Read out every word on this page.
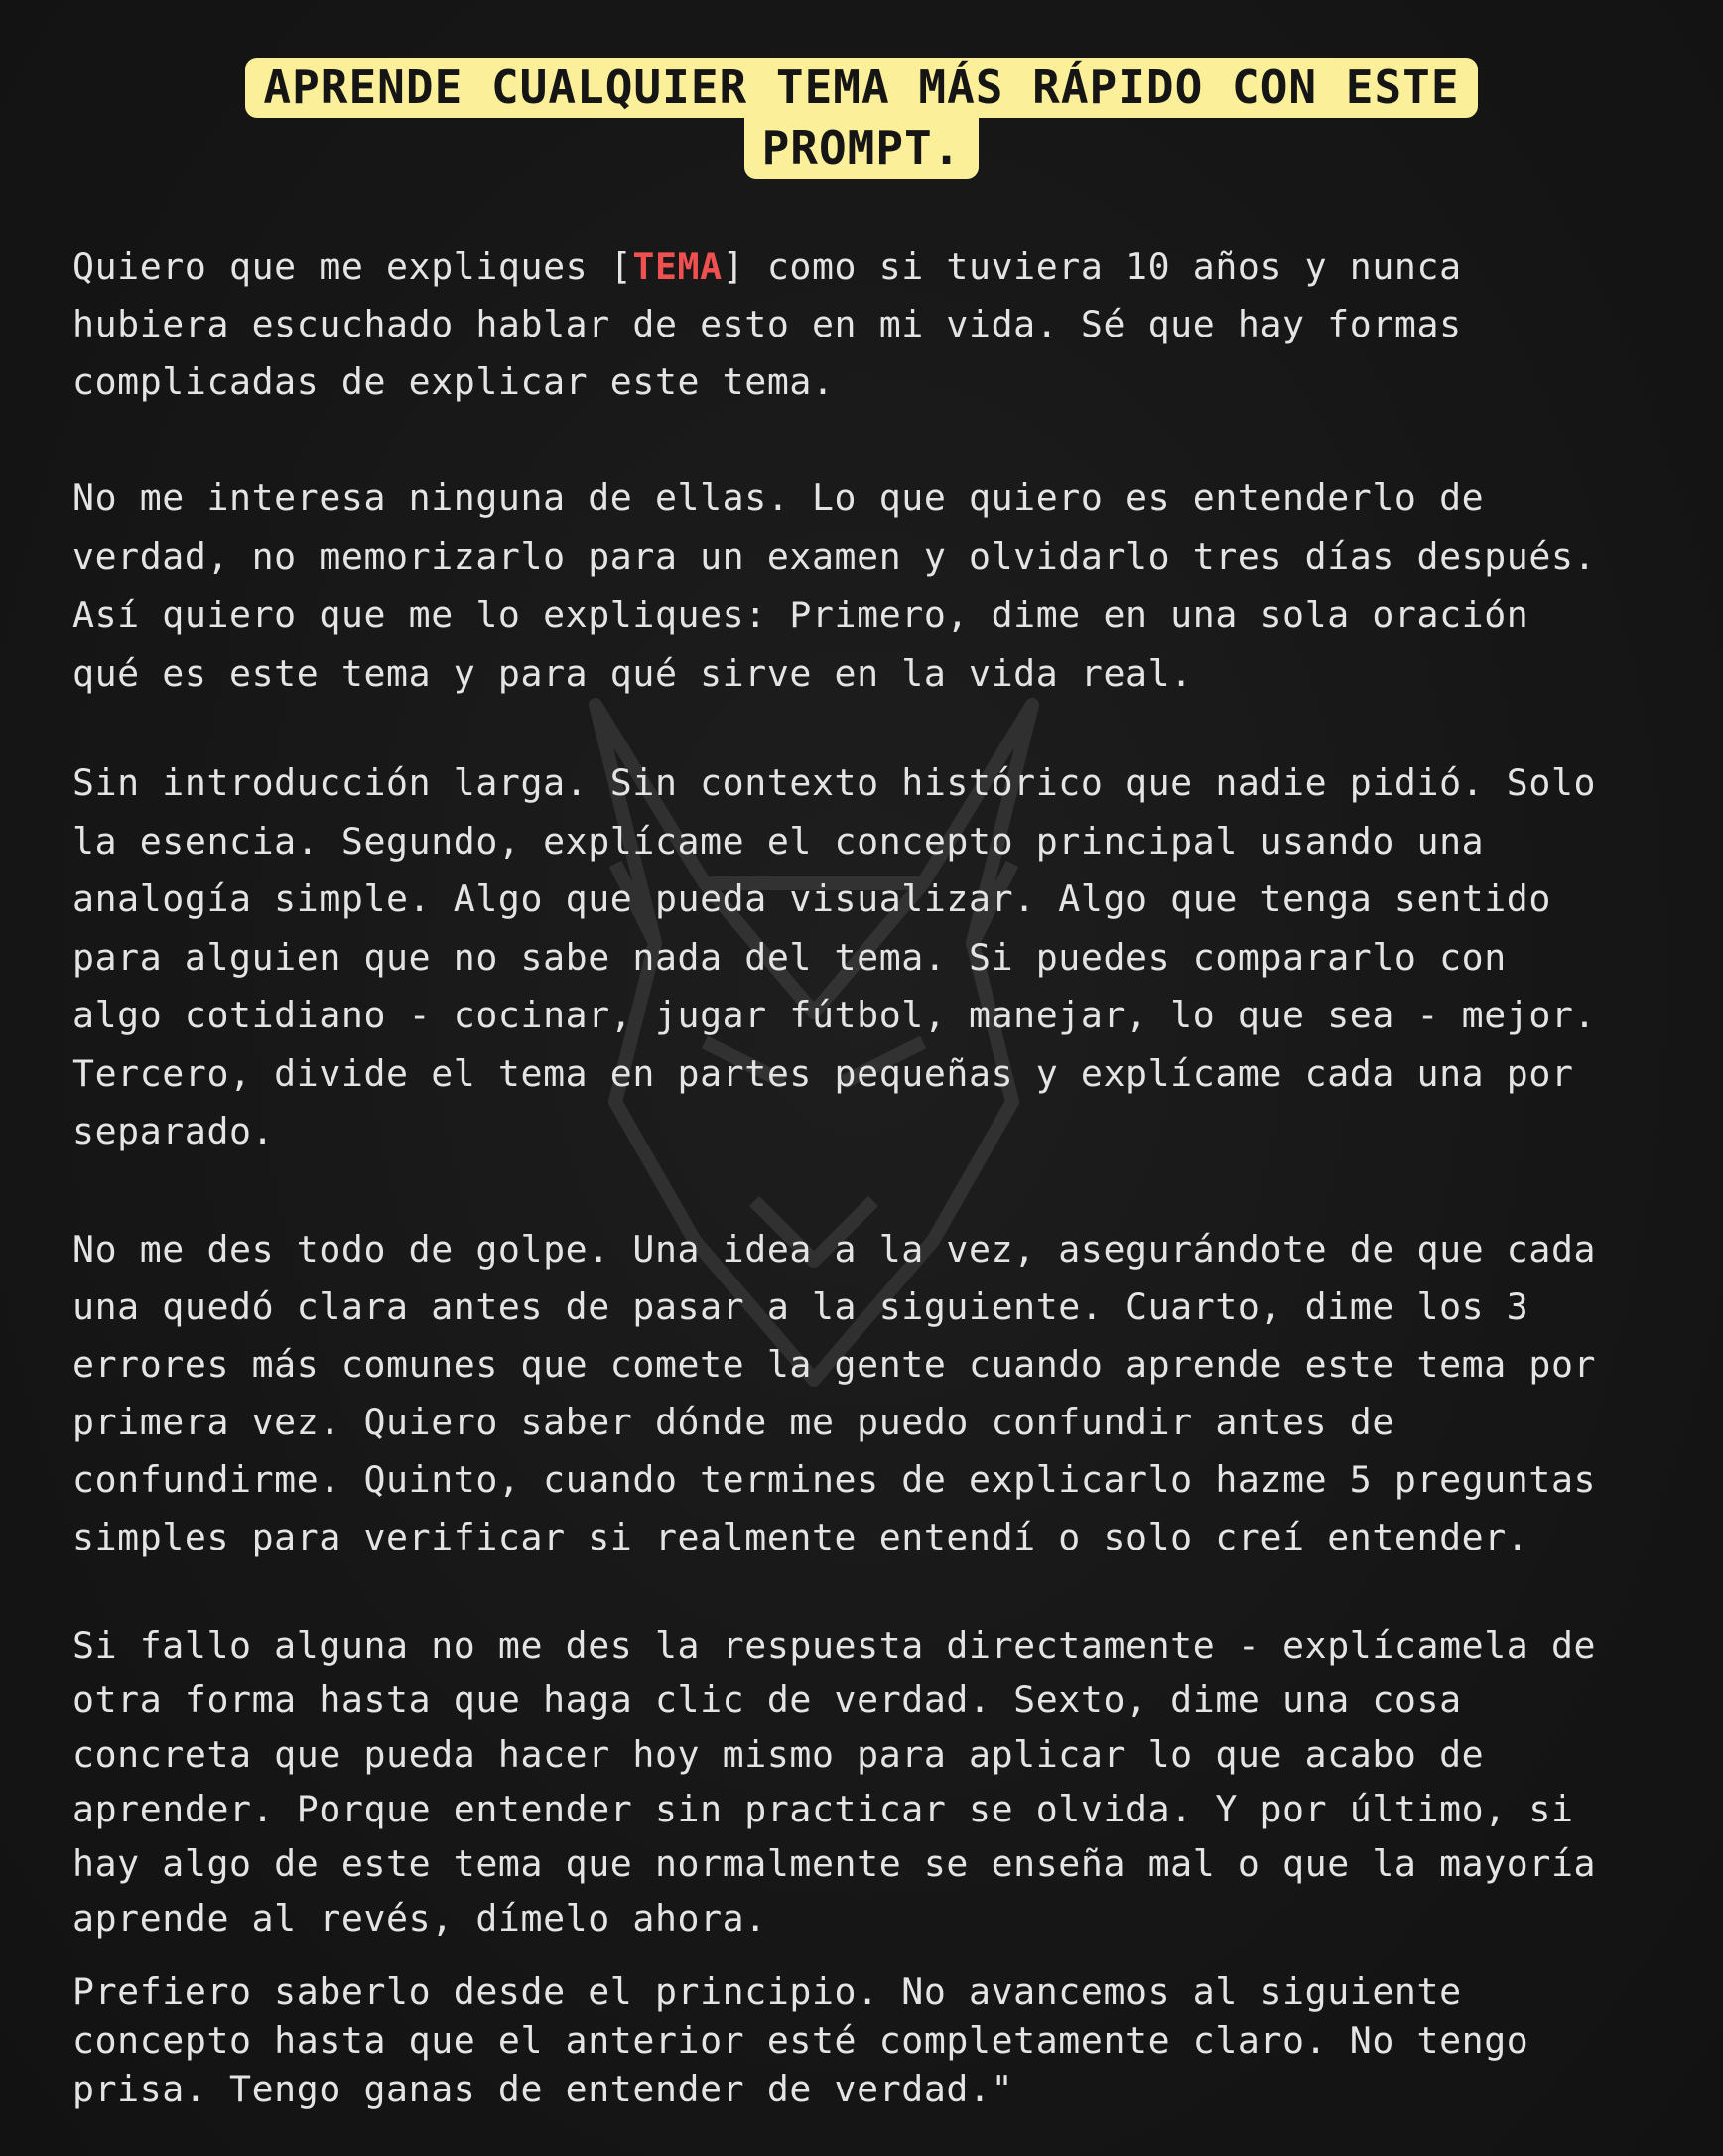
APRENDE CUALQUIER TEMA MÁS RÁPIDO CON ESTE
PROMPT.

Quiero que me expliques [TEMA] como si tuviera 10 años y nunca
hubiera escuchado hablar de esto en mi vida. Sé que hay formas
complicadas de explicar este tema.

No me interesa ninguna de ellas. Lo que quiero es entenderlo de
verdad, no memorizarlo para un examen y olvidarlo tres días después.
Así quiero que me lo expliques: Primero, dime en una sola oración
qué es este tema y para qué sirve en la vida real.

Sin introducción larga. Sin contexto histórico que nadie pidió. Solo
la esencia. Segundo, explícame el concepto principal usando una
analogía simple. Algo que pueda visualizar. Algo que tenga sentido
para alguien que no sabe nada del tema. Si puedes compararlo con
algo cotidiano - cocinar, jugar fútbol, manejar, lo que sea - mejor.
Tercero, divide el tema en partes pequeñas y explícame cada una por
separado.

No me des todo de golpe. Una idea a la vez, asegurándote de que cada
una quedó clara antes de pasar a la siguiente. Cuarto, dime los 3
errores más comunes que comete la gente cuando aprende este tema por
primera vez. Quiero saber dónde me puedo confundir antes de
confundirme. Quinto, cuando termines de explicarlo hazme 5 preguntas
simples para verificar si realmente entendí o solo creí entender.

Si fallo alguna no me des la respuesta directamente - explícamela de
otra forma hasta que haga clic de verdad. Sexto, dime una cosa
concreta que pueda hacer hoy mismo para aplicar lo que acabo de
aprender. Porque entender sin practicar se olvida. Y por último, si
hay algo de este tema que normalmente se enseña mal o que la mayoría
aprende al revés, dímelo ahora.

Prefiero saberlo desde el principio. No avancemos al siguiente
concepto hasta que el anterior esté completamente claro. No tengo
prisa. Tengo ganas de entender de verdad."
